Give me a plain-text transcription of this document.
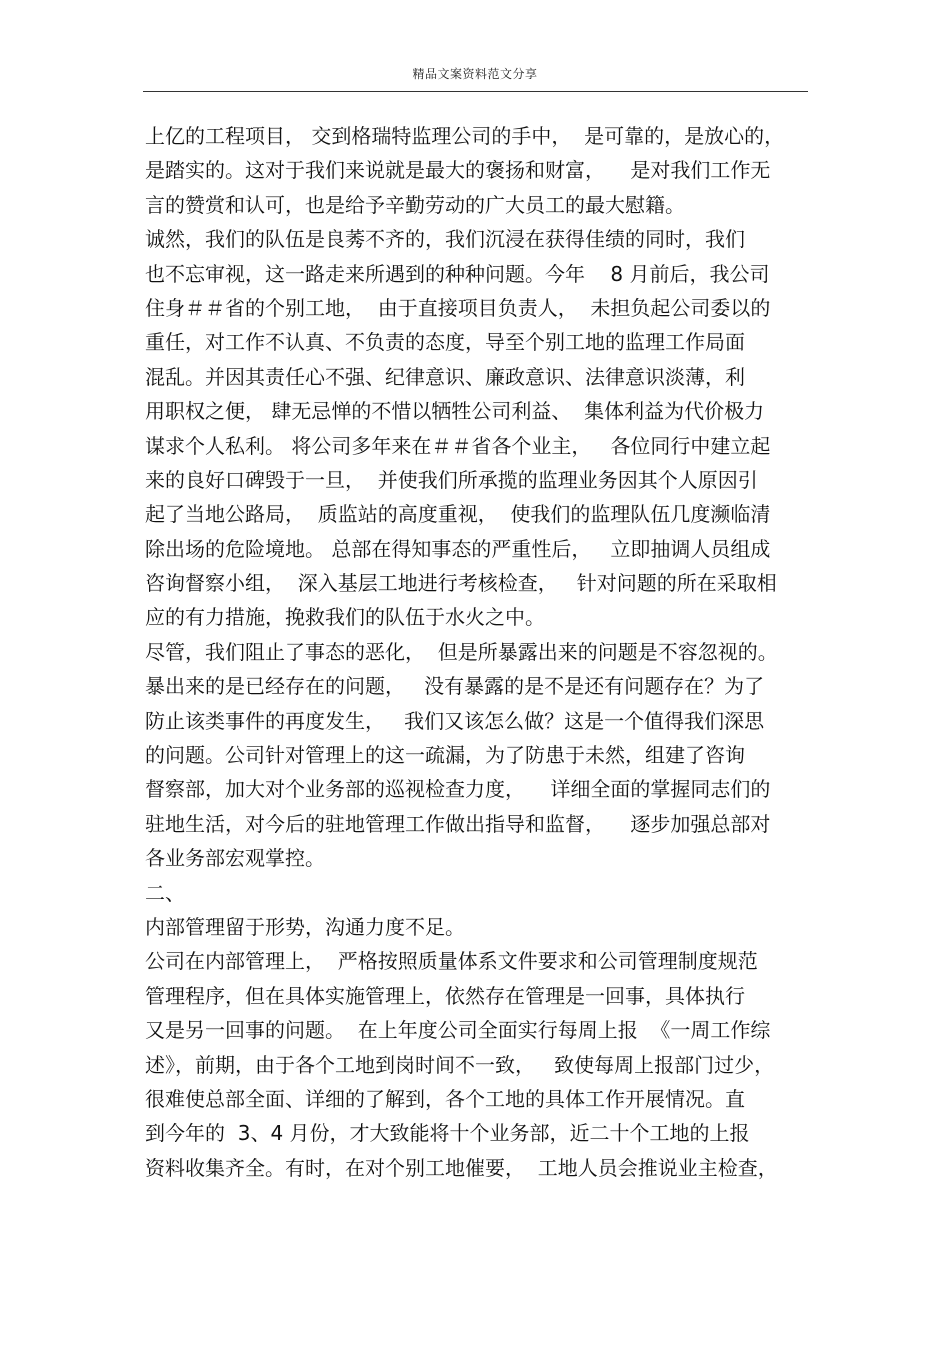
精品文案资料范文分享
上亿的工程项目， 交到格瑞特监理公司的手中，  是可靠的，是放心的，
是踏实的。这对于我们来说就是最大的褒扬和财富，    是对我们工作无
言的赞赏和认可，也是给予辛勤劳动的广大员工的最大慰籍。
诚然，我们的队伍是良莠不齐的，我们沉浸在获得佳绩的同时，我们
也不忘审视，这一路走来所遇到的种种问题。今年    8 月前后，我公司
住身＃＃省的个别工地，  由于直接项目负责人，  未担负起公司委以的
重任，对工作不认真、不负责的态度，导至个别工地的监理工作局面
混乱。并因其责任心不强、纪律意识、廉政意识、法律意识淡薄，利
用职权之便， 肆无忌惮的不惜以牺牲公司利益、  集体利益为代价极力
谋求个人私利。 将公司多年来在＃＃省各个业主，   各位同行中建立起
来的良好口碑毁于一旦，  并使我们所承揽的监理业务因其个人原因引
起了当地公路局，  质监站的高度重视，  使我们的监理队伍几度濒临清
除出场的危险境地。 总部在得知事态的严重性后，   立即抽调人员组成
咨询督察小组，  深入基层工地进行考核检查，   针对问题的所在采取相
应的有力措施，挽救我们的队伍于水火之中。
尽管，我们阻止了事态的恶化，  但是所暴露出来的问题是不容忽视的。
暴出来的是已经存在的问题，   没有暴露的是不是还有问题存在？为了
防止该类事件的再度发生，   我们又该怎么做？这是一个值得我们深思
的问题。公司针对管理上的这一疏漏，为了防患于未然，组建了咨询
督察部，加大对个业务部的巡视检查力度，    详细全面的掌握同志们的
驻地生活，对今后的驻地管理工作做出指导和监督，    逐步加强总部对
各业务部宏观掌控。
二、
内部管理留于形势，沟通力度不足。
公司在内部管理上，  严格按照质量体系文件要求和公司管理制度规范
管理程序，但在具体实施管理上，依然存在管理是一回事，具体执行
又是另一回事的问题。  在上年度公司全面实行每周上报  《一周工作综
述》，前期，由于各个工地到岗时间不一致，   致使每周上报部门过少，
很难使总部全面、详细的了解到，各个工地的具体工作开展情况。直
到今年的  3、4 月份，才大致能将十个业务部，近二十个工地的上报
资料收集齐全。有时，在对个别工地催要，  工地人员会推说业主检查，
